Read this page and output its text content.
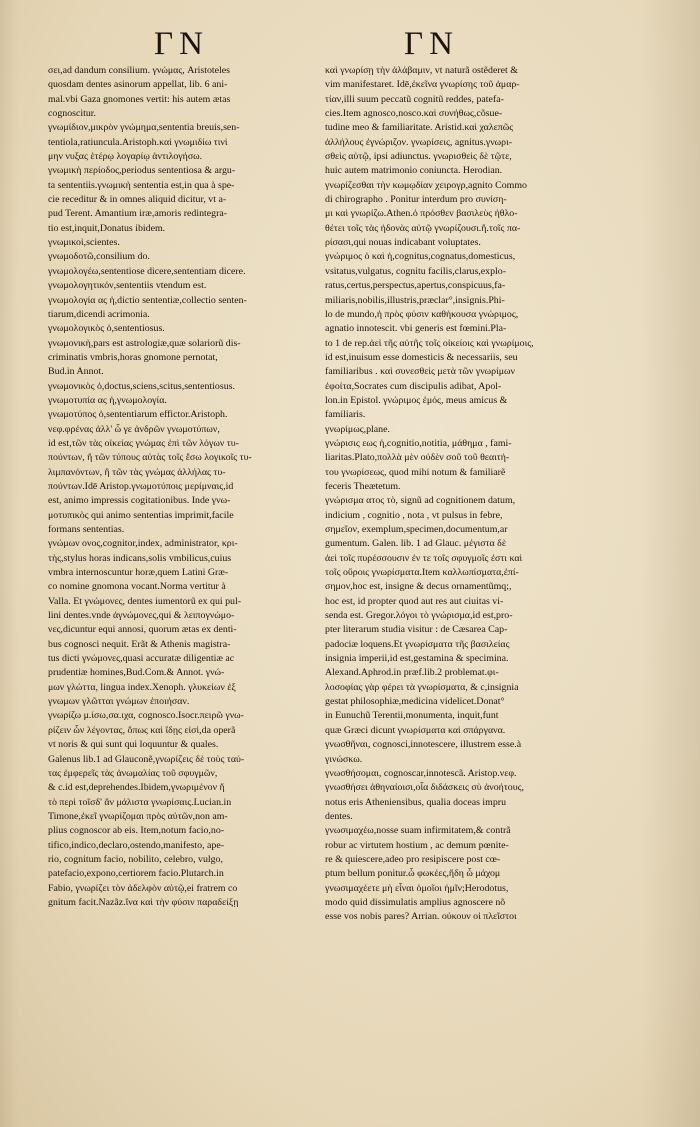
ΓΝ	ΓΝ

σει,ad dandum consilium. γνώμας, Aristoteles

quosdam dentes asinorum appellat, lib. 6 ani-

mal.vbi Gaza gnomones vertit: his autem ætas

cognoscitur.

γνωμίδιον,μικρὸν γνώμημα,sententia breuis,sen-

tentiola,ratiuncula.Aristoph.καὶ γνωμιδίω τινὶ

μην νυξας ἑτέρῳ λογαρίῳ ἀντιλογήσω.

γνωμικὴ περίοδος,periodus sententiosa & argu-

ta sententiis.γνωμικὴ sententia est,in qua à spe-

cie receditur & in omnes aliquid dicitur, vt a-

pud Terent. Amantium iræ,amoris redintegra-

tio est,inquit,Donatus ibidem.

γνωμικοὶ,scientes.

γνωμοδοτῶ,consilium do.

γνωμολογέω,sententiose dicere,sententiam dicere.

γνωμολογητικόν,sententiis vtendum est.

γνωμολογία ας ἡ,dictio sententiæ,collectio senten-

tiarum,dicendi acrimonia.

γνωμολογικὸς ὁ,sententiosus.

γνωμονικὴ,pars est astrologiæ,quæ solariorũ dis-

criminatis vmbris,horas gnomone pernotat,

Bud.in Annot.

γνωμονικὸς ὁ,doctus,sciens,scitus,sententiosus.

γνωμοτυπία ας ἡ,γνωμολογία.

γνωμοτύπος ὁ,sententiarum effictor.Aristoph.

νεφ.φρένας ἀλλ' ὧ γε ἀνδρῶν γνωμοτύπων,

id est,τῶν τὰς οἰκείας γνώμας ἐπὶ τῶν λόγων τυ-

πούντων, ἤ τῶν τύπους αὐτὰς τοῖς ἔσω λογικοῖς τυ-

λιμπανόντων, ἢ τῶν τὰς γνώμας ἀλλήλας τυ-

πούντων.Idē Aristop.γνωμοτύποις μερίμναις,id

est, animo impressis cogitationibus. Inde γνω-

μοτυπικὸς qui animo sententias imprimit,facile

formans sententias.

γνώμων ονος,cognitor,index, administrator, κρι-

τὴς,stylus horas indicans,solis vmbilicus,cuius

vmbra internoscuntur horæ,quem Latini Græ-

co nomine gnomona vocant.Norma vertitur à

Valla. Et γνώμονες, dentes iumentorũ ex qui pul-

lini dentes.vnde ἀγνώμονες,qui & λειπογνώμο-

νες,dicuntur equi annosi, quorum ætas ex denti-

bus cognosci nequit. Erãt & Athenis magistra-

tus dicti γνώμονες,quasi accuratæ diligentiæ ac

prudentiæ homines,Bud.Com.& Annot. γνώ-

μων γλώττα, lingua index.Xenoph. γλυκείων ἐξ

γνωμων γλῶτται γνώμων ἐποιήσαν.

γνωρίζω μ.ίσω,σα.ιχα, cognosco.Isocr.πειρῶ γνω-

ρίζειν ὧν λέγοντας, ὅπως καὶ ἴδῃς εἰσὶ,da operã

vt noris & qui sunt qui loquuntur & quales.

Galenus lib.1 ad Glauconẽ,γνωρίζεις δὲ τοὺς ταύ-

τας ἐμφερεῖς τὰς ἀνωμαλίας τοῦ σφυγμῶν,

& c.id est,deprehendes.Ibidem,γνωριμένον ἤ

τὸ περὶ τοῖσδ' ἄν μάλιστα γνωρίσαις.Lucian.in

Timone,ἐκεῖ γνωρίζομαι πρὸς αὐτῶν,non am-

plius cognoscor ab eis. Item,notum facio,no-

tifico,indico,declaro,ostendo,manifesto, ape-

rio, cognitum facio, nobilito, celebro, vulgo,

patefacio,expono,certiorem facio.Plutarch.in

Fabio, γνωρίζει τὸν ἀδελφὸν αὐτῷ,ei fratrem co

gnitum facit.Nazãz.ἵνα καὶ τὴν φύσιν παραδείξῃ

καὶ γνωρίσῃ τὴν ἀλάβαμιν, vt naturã ostẽderet &

vim manifestaret. Idē,ἐκεῖνα γνωρίσης τοῦ ἁμαρ-

τίαν,illi suum peccatũ cognitũ reddes, patefa-

cies.Item agnosco,nosco.καὶ συνήθως,cõsue-

tudine meo & familiaritate. Aristid.καὶ χαλεπῶς

ἀλλήλους ἐγνώριζον. γνωρίσεις, agnitus.γνωρι-

σθεὶς αὐτῷ, ipsi adiunctus. γνωρισθεὶς δὲ τῷτε,

huic autem matrimonio coniuncta. Herodian.

γνωρίζεσθαι τὴν κωμῳδίαν χειρογρ,agnito Commo

di chirographo . Ponitur interdum pro συνίση-

μι καὶ γνωρίζω.Athen.ὁ πρόσθεν βασιλεὺς ἠθλο-

θέτει τοῖς τὰς ἡδονὰς αὐτῷ γνωρίζουσι.ἤ.τοῖς πα-

ρίσασι,qui nouas indicabant voluptates.

γνώριμος ὁ καὶ ἡ,cognitus,cognatus,domesticus,

vsitatus,vulgatus, cognitu facilis,clarus,explo-

ratus,certus,perspectus,apertus,conspicuus,fa-

miliaris,nobilis,illustris,præclar°,insignis.Phi-

lo de mundo,ἡ πρὸς φύσιν καθήκουσα γνώριμος,

agnatio innotescit. vbi generis est fœmini.Pla-

to 1 de rep.ἀεὶ τῆς αὐτῆς τοῖς οἰκείοις καὶ γνωρίμοις,

id est,inuisum esse domesticis & necessariis, seu

familiaribus . καὶ συνεσθεὶς μετὰ τῶν γνωρίμων

ἐφοίτα,Socrates cum discipulis adibat, Apol-

lon.in Epistol. γνώριμος ἐμός, meus amicus &

familiaris.

γνωρίμως,plane.

γνώρισις εως ἡ,cognitio,notitia, μάθημα , fami-

liaritas.Plato,πολλὰ μὲν οὐδὲν σοῦ τοῦ θεαιτή-

του γνωρίσεως, quod mihi notum & familiarẽ

feceris Theætetum.

γνώρισμα ατος τὸ, signũ ad cognitionem datum,

indicium , cognitio , nota , vt pulsus in febre,

σημεῖον, exemplum,specimen,documentum,ar

gumentum. Galen. lib. 1 ad Glauc. μέγιστα δὲ

ἀεὶ τοῖς πυρέσσουσιν ἐν τε τοῖς σφυγμοῖς ἐστι καὶ

τοῖς οὔροις γνωρίσματα.Item καλλωπίσματα,ἐπί-

σημον,hoc est, insigne & decus ornamentũmq;,

hoc est, id propter quod aut res aut ciuitas vi-

senda est. Gregor.λόγοι τὸ γνώρισμα,id est,pro-

pter literarum studia visitur : de Cæsarea Cap-

padociæ loquens.Et γνωρίσματα τῆς βασιλείας

insignia imperii,id est,gestamina & specimina.

Alexand.Aphrod.in præf.lib.2 problemat.φι-

λοσοφίας γὰρ φέρει τὰ γνωρίσματα, & c,insignia

gestat philosophiæ,medicina videlicet.Donat°

in Eunuchũ Terentii,monumenta, inquit,funt

quæ Græci dicunt γνωρίσματα καὶ σπάργανα.

γνωσθῆναι, cognosci,innotescere, illustrem esse.à

γινώσκω.

γνωσθήσομαι, cognoscar,innotescã. Aristop.νεφ.

γνωσθήσει ἀθηναίοισι,οἷα διδάσκεις σὺ ἀνοήτους,

notus eris Atheniensibus, qualia doceas impru

dentes.

γνωσιμαχέω,nosse suam infirmitatem,& contrã

robur ac virtutem hostium , ac demum pœnite-

re & quiescere,adeo pro resipiscere post cœ-

ptum bellum ponitur.ὦ φωκέες,ἤδη ὦ μάχομ

γνωσιμαχέετε μὴ εἶναι ὁμοῖοι ἡμῖν;Herodotus,

modo quid dissimulatis amplius agnoscere nõ

esse vos nobis pares? Arrian. οὐκουν οἱ πλεῖστοι
